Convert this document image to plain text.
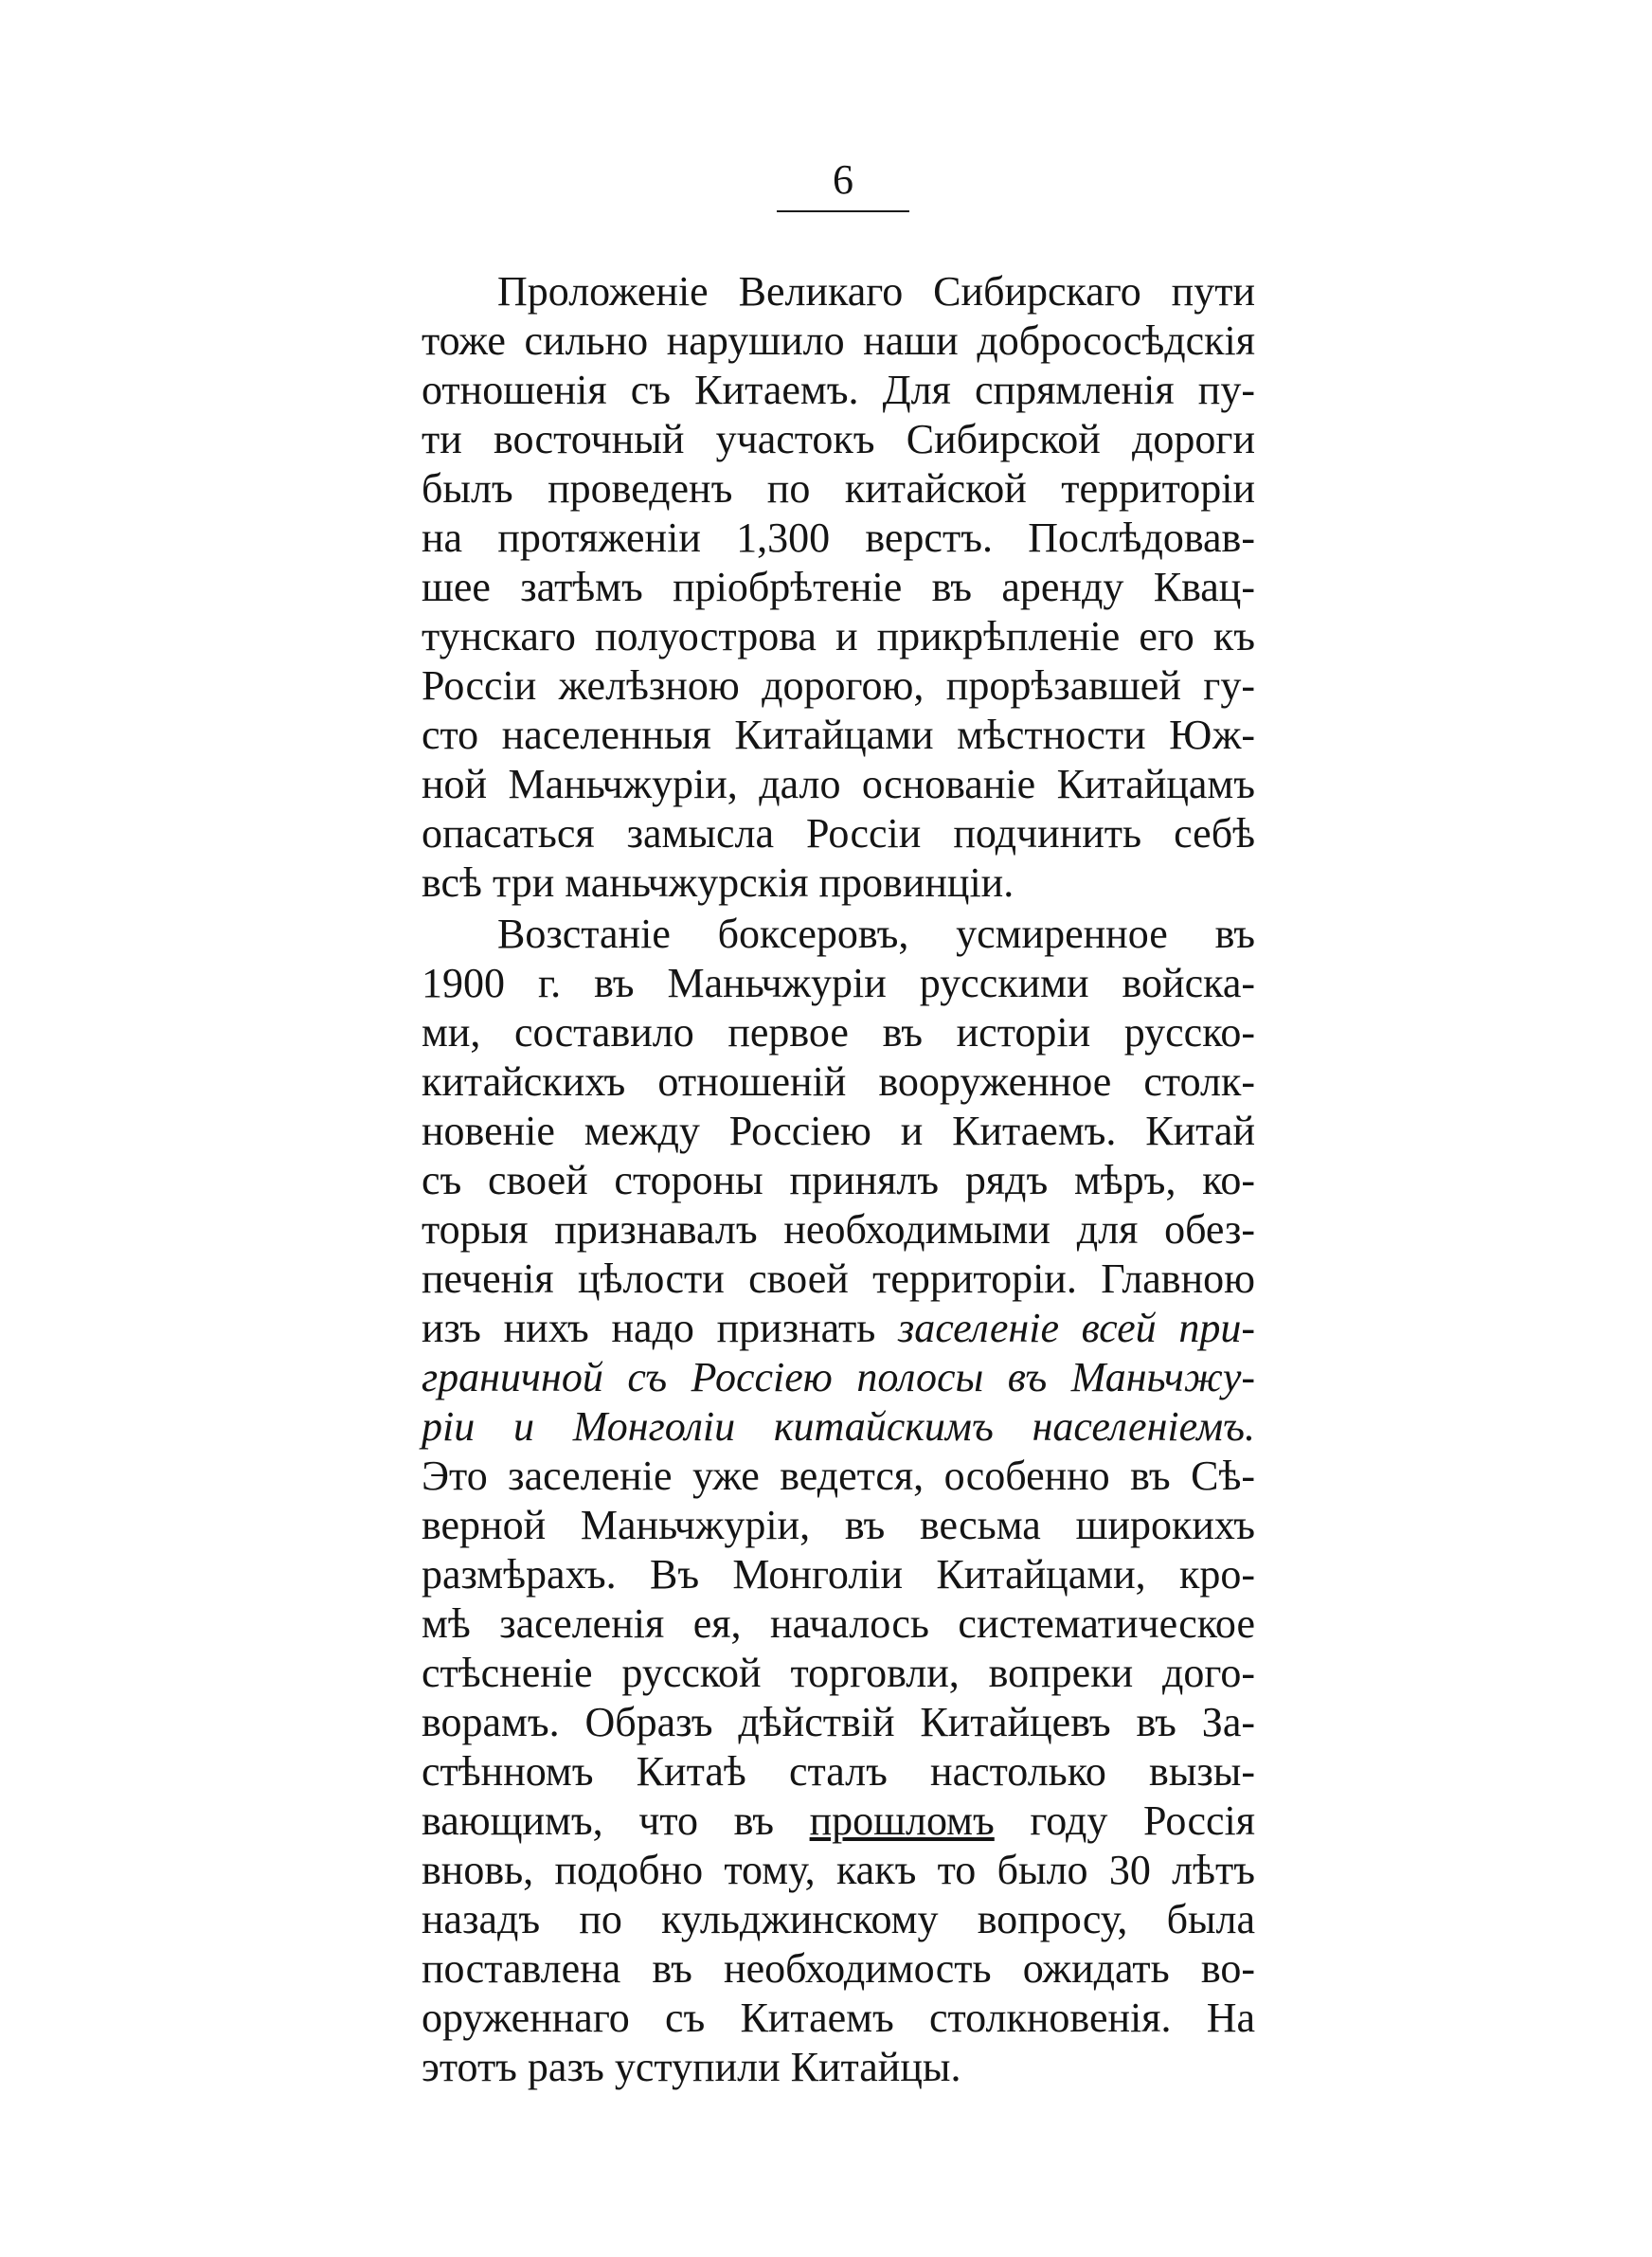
6
Проложеніе Великаго Сибирскаго пути
тоже сильно нарушило наши добрососѣдскія
отношенія съ Китаемъ. Для спрямленія пу-
ти восточный участокъ Сибирской дороги
былъ проведенъ по китайской территоріи
на протяженіи 1,300 верстъ. Послѣдовав-
шее затѣмъ пріобрѣтеніе въ аренду Квац-
тунскаго полуострова и прикрѣпленіе его къ
Россіи желѣзною дорогою, прорѣзавшей гу-
сто населенныя Китайцами мѣстности Юж-
ной Маньчжуріи, дало основаніе Китайцамъ
опасаться замысла Россіи подчинить себѣ
всѣ три маньчжурскія провинціи.
Возстаніе боксеровъ, усмиренное въ
1900 г. въ Маньчжуріи русскими войска-
ми, составило первое въ исторіи русско-
китайскихъ отношеній вооруженное столк-
новеніе между Россіею и Китаемъ. Китай
съ своей стороны принялъ рядъ мѣръ, ко-
торыя признавалъ необходимыми для обез-
печенія цѣлости своей территоріи. Главною
изъ нихъ надо признать заселеніе всей при-
граничной съ Россіею полосы въ Маньчжу-
ріи и Монголіи китайскимъ населеніемъ.
Это заселеніе уже ведется, особенно въ Сѣ-
верной Маньчжуріи, въ весьма широкихъ
размѣрахъ. Въ Монголіи Китайцами, кро-
мѣ заселенія ея, началось систематическое
стѣсненіе русской торговли, вопреки дого-
ворамъ. Образъ дѣйствій Китайцевъ въ За-
стѣнномъ Китаѣ сталъ настолько вызы-
вающимъ, что въ прошломъ году Россія
вновь, подобно тому, какъ то было 30 лѣтъ
назадъ по кульджинскому вопросу, была
поставлена въ необходимость ожидать во-
оруженнаго съ Китаемъ столкновенія. На
этотъ разъ уступили Китайцы.
